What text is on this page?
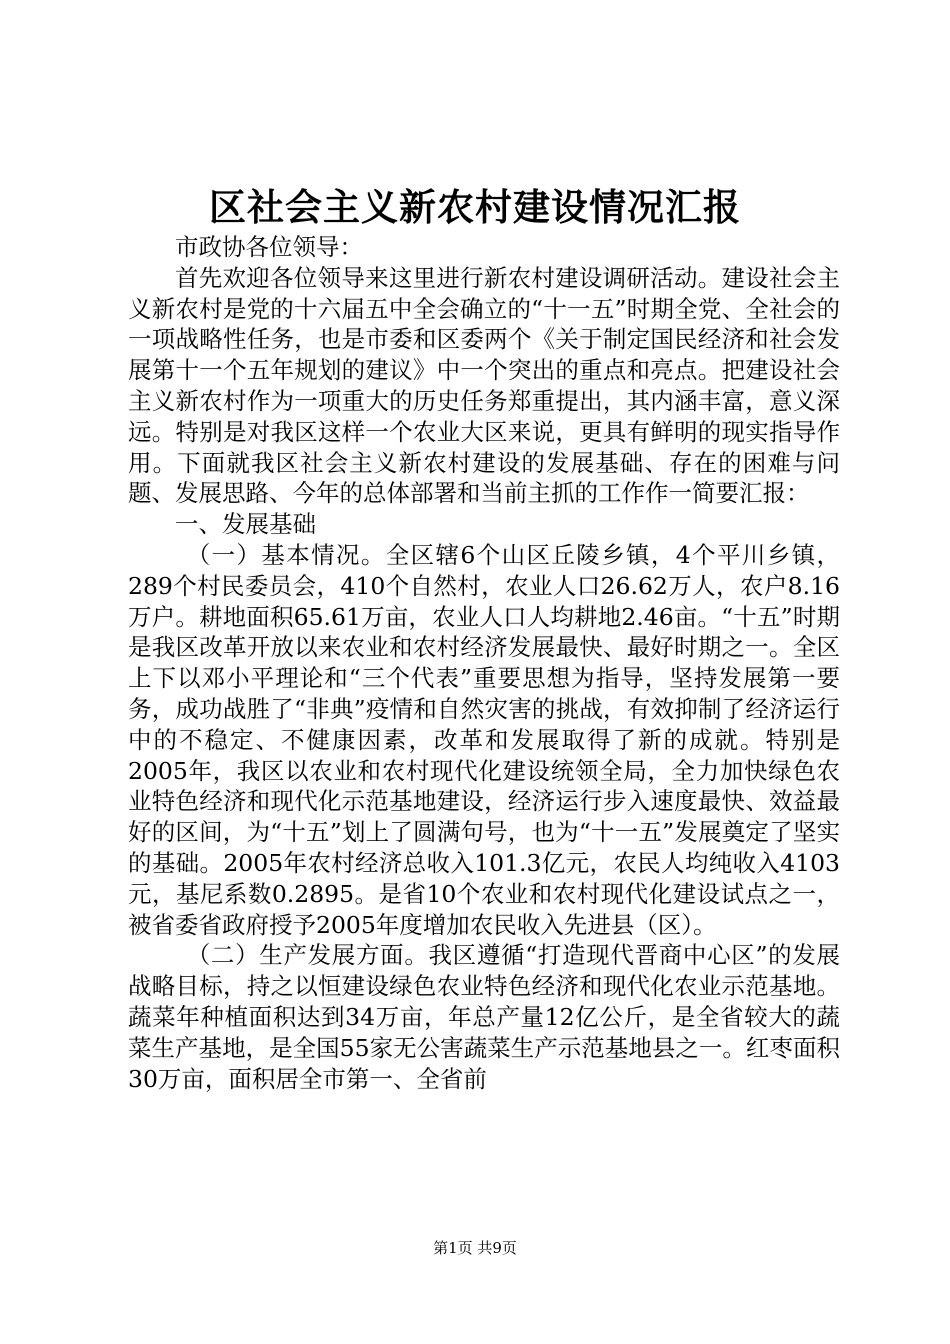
区社会主义新农村建设情况汇报

市政协各位领导：

首先欢迎各位领导来这里进行新农村建设调研活动。建设社会主义新农村是党的十六届五中全会确立的“十一五”时期全党、全社会的一项战略性任务，也是市委和区委两个《关于制定国民经济和社会发展第十一个五年规划的建议》中一个突出的重点和亮点。把建设社会主义新农村作为一项重大的历史任务郑重提出，其内涵丰富，意义深远。特别是对我区这样一个农业大区来说，更具有鲜明的现实指导作用。下面就我区社会主义新农村建设的发展基础、存在的困难与问题、发展思路、今年的总体部署和当前主抓的工作作一简要汇报：

一、发展基础

（一）基本情况。全区辖6个山区丘陵乡镇，4个平川乡镇，289个村民委员会，410个自然村，农业人口26.62万人，农户8.16万户。耕地面积65.61万亩，农业人口人均耕地2.46亩。“十五”时期是我区改革开放以来农业和农村经济发展最快、最好时期之一。全区上下以邓小平理论和“三个代表”重要思想为指导，坚持发展第一要务，成功战胜了“非典”疫情和自然灾害的挑战，有效抑制了经济运行中的不稳定、不健康因素，改革和发展取得了新的成就。特别是2005年，我区以农业和农村现代化建设统领全局，全力加快绿色农业特色经济和现代化示范基地建设，经济运行步入速度最快、效益最好的区间，为“十五”划上了圆满句号，也为“十一五”发展奠定了坚实的基础。2005年农村经济总收入101.3亿元，农民人均纯收入4103元，基尼系数0.2895。是省10个农业和农村现代化建设试点之一，被省委省政府授予2005年度增加农民收入先进县（区）。

（二）生产发展方面。我区遵循“打造现代晋商中心区”的发展战略目标，持之以恒建设绿色农业特色经济和现代化农业示范基地。蔬菜年种植面积达到34万亩，年总产量12亿公斤，是全省较大的蔬菜生产基地，是全国55家无公害蔬菜生产示范基地县之一。红枣面积30万亩，面积居全市第一、全省前

第1页 共9页
